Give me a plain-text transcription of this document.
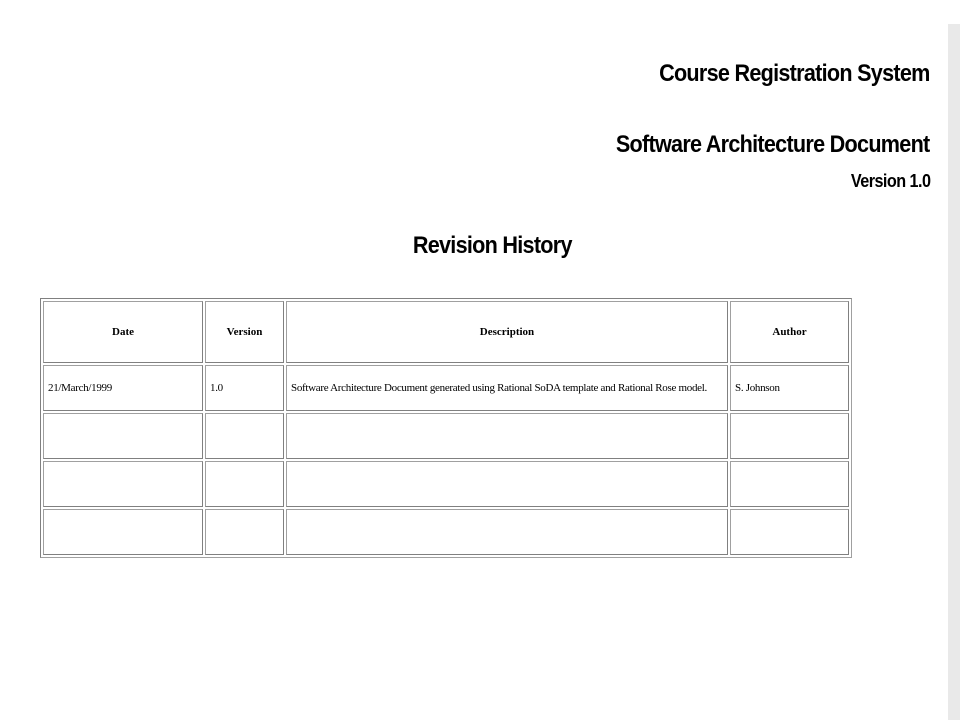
Course Registration System
Software Architecture Document
Version 1.0
Revision History
Date	Version	Description	Author
21/March/1999	1.0	Software Architecture Document generated using Rational SoDA template and Rational Rose model.	S. Johnson
